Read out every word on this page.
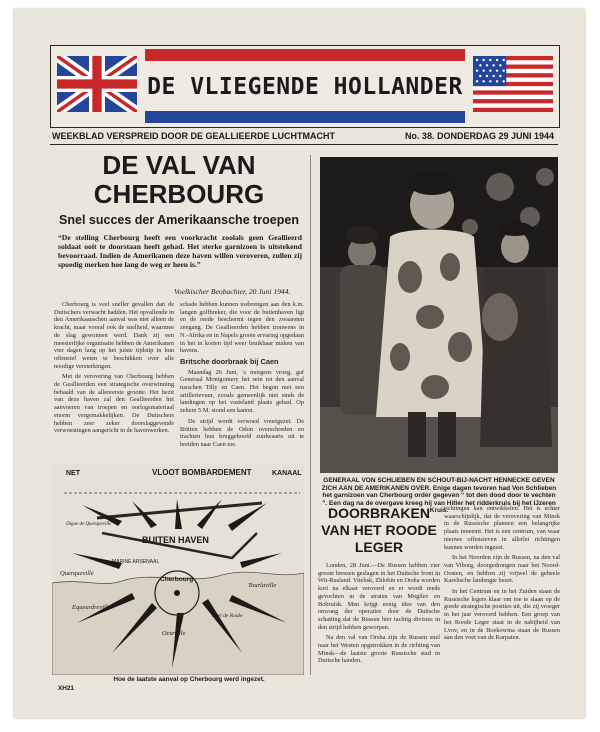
DE VLIEGENDE HOLLANDER
WEEKBLAD VERSPREID DOOR DE GEALLIEERDE LUCHTMACHT	No. 38. DONDERDAG 29 JUNI 1944
DE VAL VAN CHERBOURG
Snel succes der Amerikaansche troepen
“De stelling Cherbourg heeft een voorkracht zoolals geen Geallieerd soldaat ooit te doorstaan heeft gehad. Het sterke garnizoen is uitstekend bevoorraad. Indien de Amerikanen deze haven willen veroveren, zullen zij spoedig merken hoe lang de weg er heen is.”
Voelkischer Beobachter, 20 Juni 1944.

Cherbourg is veel sneller gevallen dan de Duitschers verwacht hadden. Het opvallende in den Amerikaanschen aanval was niet alleen de kracht, maar vooral ook de snelheid, waarmee de slag gewonnen werd. Dank zij een meesterlijke organisatie hebben de Amerikanen vier dagen lang op het juiste tijdstip in hun offensief weten te beschikken over alle noodige versterkingen.

Met de verovering van Cherbourg hebben de Geallieerden een strategische overwinning behaald van de allereerste grootte. Het bezit van deze haven zal den Geallieerden het aanvoeren van troepen en oorlogsmateriaal enorm vergemakkelijken. De Duitschers hebben zeer zeker doorslaggevende verwoestingen aangericht in de havenwerken.

schade hebben kunnen toebrengen aan den k.m. langen golfbreker, die voor de buitenhaven ligt en de reede beschermt tegen den zwaarsten zeegang. De Geallieerden hebben trouwens in N.-Afrika en in Napels groote ervaring opgedaan in het in korten tijd weer bruikbaar maken van havens.

Britsche doorbraak bij Caen

Maandag 26 Juni, 's morgens vroeg, gaf Generaal Montgomery het sein tot den aanval tusschen Tilly en Caen. Het begon met een artillerievuur, zooals gemeenlijk niet sinds de landingen op het vasteland plaats gehad. Op zekere 5 M. stond een kanon.

De strijd wordt verwoed voortgezet. De Britten hebben de Odon overschreden en trachten hun bruggehoofd zuidwaarts uit te breiden naar Caen toe.

VLOOT BOMBARDEMENT	KANAAL
NET
BUITEN HAVEN
Querqueville
Cherbourg
Tourlaville
Octeville
Equeurdreville
MARINE ARSENAAL
Digue de Querqueville
Fort de Roule
Hoe de laatste aanval op Cherbourg werd ingezet.
XH21
GENERAAL VON SCHLIEBEN EN SCHOUT-BIJ-NACHT HENNECKE GEVEN ZICH AAN DE AMERIKANEN OVER. Enige dagen tevoren had Von Schlieben het garnizoen van Cherbourg order gegeven “ tot den dood door te vechten ”. Een dag na de overgave kreeg hij van Hitler het ridderkruis bij het IJzeren Kruis.
DOORBRAKEN VAN HET ROODE LEGER

Londen, 28 Juni.—De Russen hebben vier groote bressen geslagen in het Duitsche front in Wit-Rusland. Vitebsk, Zhlobin en Orsha worden kort na elkaar veroverd en er wordt reeds gevochten in de straten van Mogilev en Bobruisk. Men krijgt eenig idee van den omvang der operaties door de Duitsche schatting dat de Russen hier tachtig divisies in den strijd hebben geworpen.

Na den val van Orsha zijn de Russen snel naar het Westen opgetrokken in de richting van Minsk—de laatste groote Russische stad in Duitsche handen.

richtingen kan ontwikkelen. Het is echter waarschijnlijk, dat de verovering van Minsk in de Russische plannen een belangrijke plaats inneemt. Het is een centrum, van waar nieuwe offensieven in allerlei richtingen kunnen worden ingezet.

In het Noorden zijn de Russen, na den val van Viborg, doorgedrongen naar het Noord-Oosten, en hebben zij vrijwel de geheele Karelische landengte bezet.

In het Centrum en in het Zuiden staan de Russische legers klaar om toe te slaan op de goede strategische posities uit, die zij vroeger in het jaar veroverd hebben. Een groep van het Roode Leger staat in de nabijheid van Lvov, en in de Boekowina staan de Russen aan den voet van de Karpaten.
